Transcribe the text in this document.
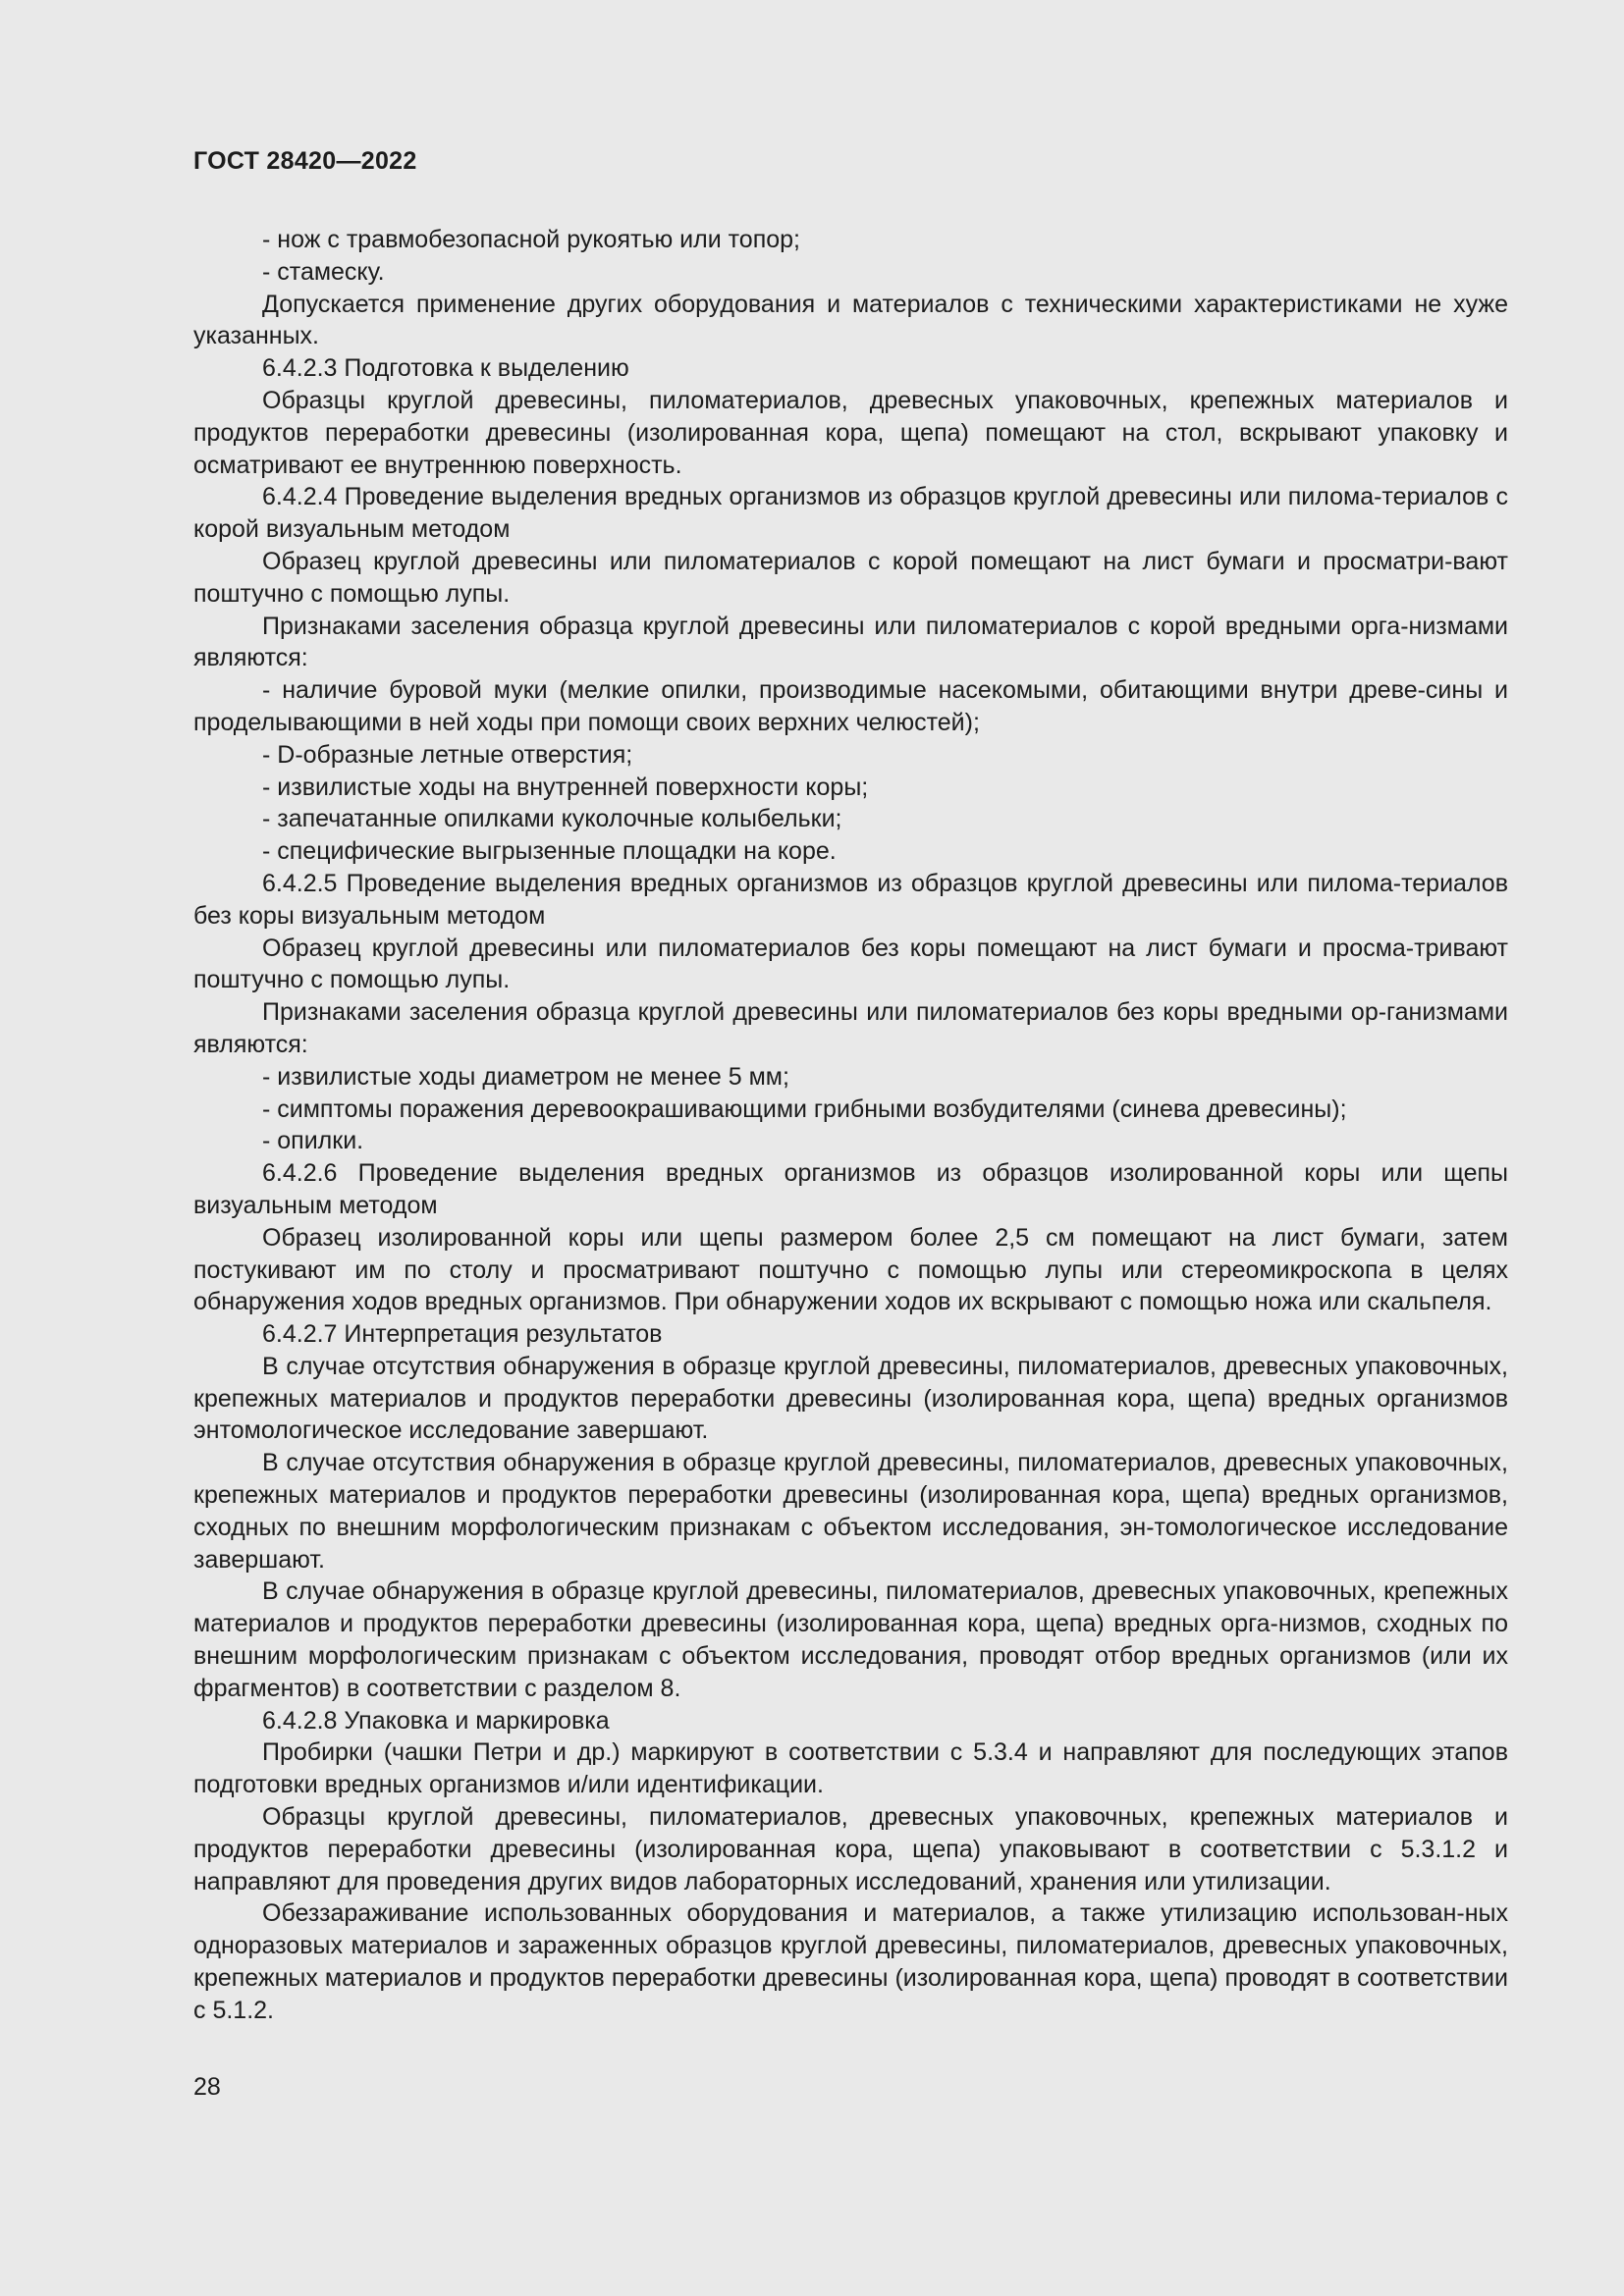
ГОСТ 28420—2022

- нож с травмобезопасной рукоятью или топор;

- стамеску.

Допускается применение других оборудования и материалов с техническими характеристиками не хуже указанных.

6.4.2.3 Подготовка к выделению

Образцы круглой древесины, пиломатериалов, древесных упаковочных, крепежных материалов и продуктов переработки древесины (изолированная кора, щепа) помещают на стол, вскрывают упаковку и осматривают ее внутреннюю поверхность.

6.4.2.4 Проведение выделения вредных организмов из образцов круглой древесины или пилома-териалов с корой визуальным методом

Образец круглой древесины или пиломатериалов с корой помещают на лист бумаги и просматри-вают поштучно с помощью лупы.

Признаками заселения образца круглой древесины или пиломатериалов с корой вредными орга-низмами являются:

- наличие буровой муки (мелкие опилки, производимые насекомыми, обитающими внутри древе-сины и проделывающими в ней ходы при помощи своих верхних челюстей);

- D-образные летные отверстия;

- извилистые ходы на внутренней поверхности коры;

- запечатанные опилками куколочные колыбельки;

- специфические выгрызенные площадки на коре.

6.4.2.5 Проведение выделения вредных организмов из образцов круглой древесины или пилома-териалов без коры визуальным методом

Образец круглой древесины или пиломатериалов без коры помещают на лист бумаги и просма-тривают поштучно с помощью лупы.

Признаками заселения образца круглой древесины или пиломатериалов без коры вредными ор-ганизмами являются:

- извилистые ходы диаметром не менее 5 мм;

- симптомы поражения деревоокрашивающими грибными возбудителями (синева древесины);

- опилки.

6.4.2.6 Проведение выделения вредных организмов из образцов изолированной коры или щепы визуальным методом

Образец изолированной коры или щепы размером более 2,5 см помещают на лист бумаги, затем постукивают им по столу и просматривают поштучно с помощью лупы или стереомикроскопа в целях обнаружения ходов вредных организмов. При обнаружении ходов их вскрывают с помощью ножа или скальпеля.

6.4.2.7 Интерпретация результатов

В случае отсутствия обнаружения в образце круглой древесины, пиломатериалов, древесных упаковочных, крепежных материалов и продуктов переработки древесины (изолированная кора, щепа) вредных организмов энтомологическое исследование завершают.

В случае отсутствия обнаружения в образце круглой древесины, пиломатериалов, древесных упаковочных, крепежных материалов и продуктов переработки древесины (изолированная кора, щепа) вредных организмов, сходных по внешним морфологическим признакам с объектом исследования, эн-томологическое исследование завершают.

В случае обнаружения в образце круглой древесины, пиломатериалов, древесных упаковочных, крепежных материалов и продуктов переработки древесины (изолированная кора, щепа) вредных орга-низмов, сходных по внешним морфологическим признакам с объектом исследования, проводят отбор вредных организмов (или их фрагментов) в соответствии с разделом 8.

6.4.2.8 Упаковка и маркировка

Пробирки (чашки Петри и др.) маркируют в соответствии с 5.3.4 и направляют для последующих этапов подготовки вредных организмов и/или идентификации.

Образцы круглой древесины, пиломатериалов, древесных упаковочных, крепежных материалов и продуктов переработки древесины (изолированная кора, щепа) упаковывают в соответствии с 5.3.1.2 и направляют для проведения других видов лабораторных исследований, хранения или утилизации.

Обеззараживание использованных оборудования и материалов, а также утилизацию использован-ных одноразовых материалов и зараженных образцов круглой древесины, пиломатериалов, древесных упаковочных, крепежных материалов и продуктов переработки древесины (изолированная кора, щепа) проводят в соответствии с 5.1.2.

28
